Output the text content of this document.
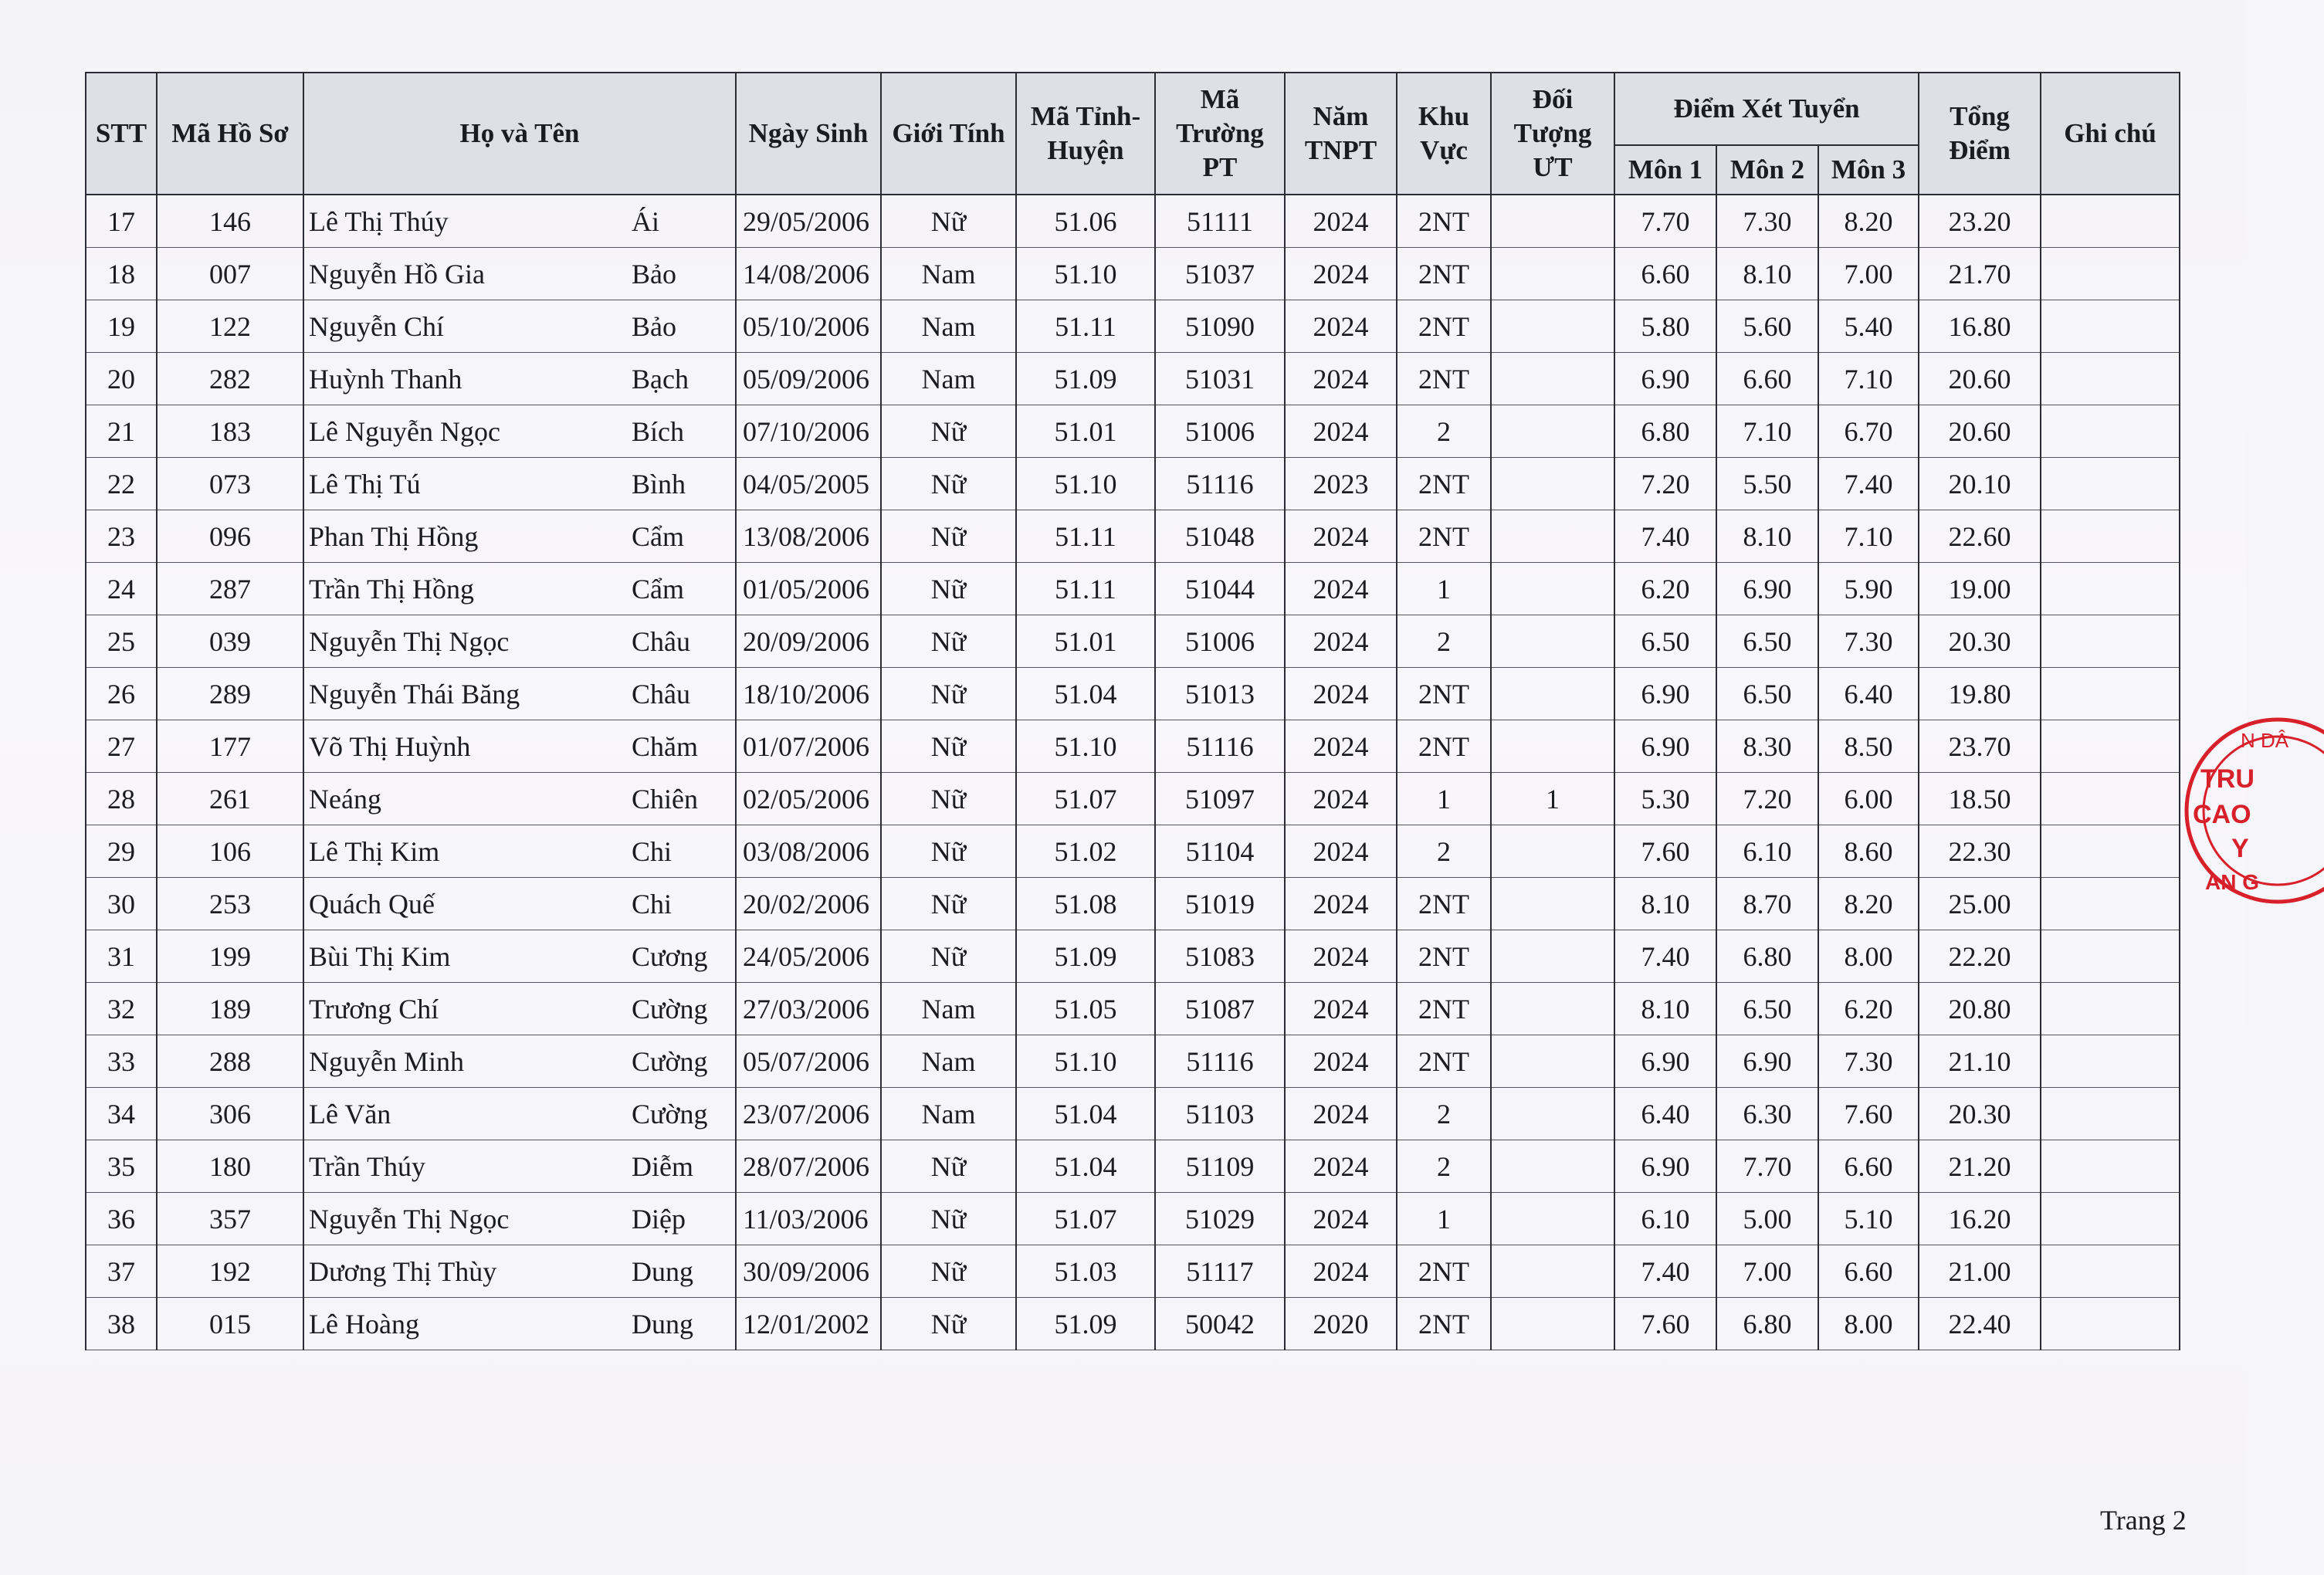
STT	Mã Hồ Sơ	Họ và Tên	Ngày Sinh	Giới Tính	Mã Tỉnh-Huyện	Mã Trường PT	Năm TNPT	Khu Vực	Đối Tượng ƯT	Điểm Xét Tuyển			Tổng Điểm	Ghi chú
										Môn 1	Môn 2	Môn 3		
17	146	Lê Thị Thúy Ái	29/05/2006	Nữ	51.06	51111	2024	2NT		7.70	7.30	8.20	23.20	
18	007	Nguyễn Hồ Gia Bảo	14/08/2006	Nam	51.10	51037	2024	2NT		6.60	8.10	7.00	21.70	
19	122	Nguyễn Chí Bảo	05/10/2006	Nam	51.11	51090	2024	2NT		5.80	5.60	5.40	16.80	
20	282	Huỳnh Thanh Bạch	05/09/2006	Nam	51.09	51031	2024	2NT		6.90	6.60	7.10	20.60	
21	183	Lê Nguyễn Ngọc Bích	07/10/2006	Nữ	51.01	51006	2024	2		6.80	7.10	6.70	20.60	
22	073	Lê Thị Tú Bình	04/05/2005	Nữ	51.10	51116	2023	2NT		7.20	5.50	7.40	20.10	
23	096	Phan Thị Hồng Cẩm	13/08/2006	Nữ	51.11	51048	2024	2NT		7.40	8.10	7.10	22.60	
24	287	Trần Thị Hồng Cẩm	01/05/2006	Nữ	51.11	51044	2024	1		6.20	6.90	5.90	19.00	
25	039	Nguyễn Thị Ngọc Châu	20/09/2006	Nữ	51.01	51006	2024	2		6.50	6.50	7.30	20.30	
26	289	Nguyễn Thái Băng Châu	18/10/2006	Nữ	51.04	51013	2024	2NT		6.90	6.50	6.40	19.80	
27	177	Võ Thị Huỳnh Chăm	01/07/2006	Nữ	51.10	51116	2024	2NT		6.90	8.30	8.50	23.70	
28	261	Neáng Chiên	02/05/2006	Nữ	51.07	51097	2024	1	1	5.30	7.20	6.00	18.50	
29	106	Lê Thị Kim Chi	03/08/2006	Nữ	51.02	51104	2024	2		7.60	6.10	8.60	22.30	
30	253	Quách Quế Chi	20/02/2006	Nữ	51.08	51019	2024	2NT		8.10	8.70	8.20	25.00	
31	199	Bùi Thị Kim Cương	24/05/2006	Nữ	51.09	51083	2024	2NT		7.40	6.80	8.00	22.20	
32	189	Trương Chí Cường	27/03/2006	Nam	51.05	51087	2024	2NT		8.10	6.50	6.20	20.80	
33	288	Nguyễn Minh Cường	05/07/2006	Nam	51.10	51116	2024	2NT		6.90	6.90	7.30	21.10	
34	306	Lê Văn Cường	23/07/2006	Nam	51.04	51103	2024	2		6.40	6.30	7.60	20.30	
35	180	Trần Thúy Diễm	28/07/2006	Nữ	51.04	51109	2024	2		6.90	7.70	6.60	21.20	
36	357	Nguyễn Thị Ngọc Diệp	11/03/2006	Nữ	51.07	51029	2024	1		6.10	5.00	5.10	16.20	
37	192	Dương Thị Thùy Dung	30/09/2006	Nữ	51.03	51117	2024	2NT		7.40	7.00	6.60	21.00	
38	015	Lê Hoàng Dung	12/01/2002	Nữ	51.09	50042	2020	2NT		7.60	6.80	8.00	22.40	
N DÂ
TRU
CAO
Y
AN G
Trang 2
